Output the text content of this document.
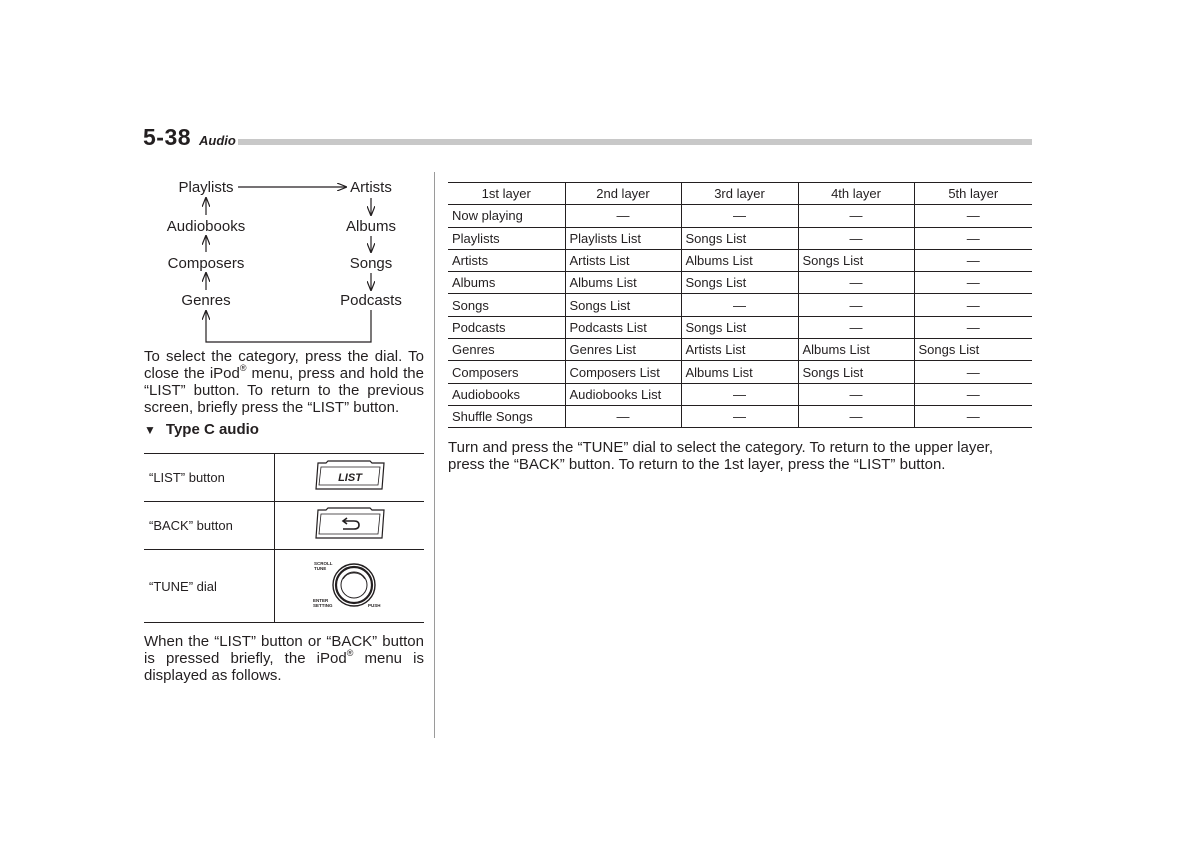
5-38 Audio
Playlists
Audiobooks
Composers
Genres
Artists
Albums
Songs
Podcasts
To select the category, press the dial. To close the iPod® menu, press and hold the “LIST” button. To return to the previous screen, briefly press the “LIST” button.
▼ Type C audio
“LIST” button	LIST

“BACK” button	
“TUNE” dial	SCROLL
TUNE
ENTER
SETTING PUSH
When the “LIST” button or “BACK” button is pressed briefly, the iPod® menu is displayed as follows.
1st layer	2nd layer	3rd layer	4th layer	5th layer
Now playing	—	—	—	—
Playlists	Playlists List	Songs List	—	—
Artists	Artists List	Albums List	Songs List	—
Albums	Albums List	Songs List	—	—
Songs	Songs List	—	—	—
Podcasts	Podcasts List	Songs List	—	—
Genres	Genres List	Artists List	Albums List	Songs List
Composers	Composers List	Albums List	Songs List	—
Audiobooks	Audiobooks List	—	—	—
Shuffle Songs	—	—	—	—
Turn and press the “TUNE” dial to select the category. To return to the upper layer, press the “BACK” button. To return to the 1st layer, press the “LIST” button.
